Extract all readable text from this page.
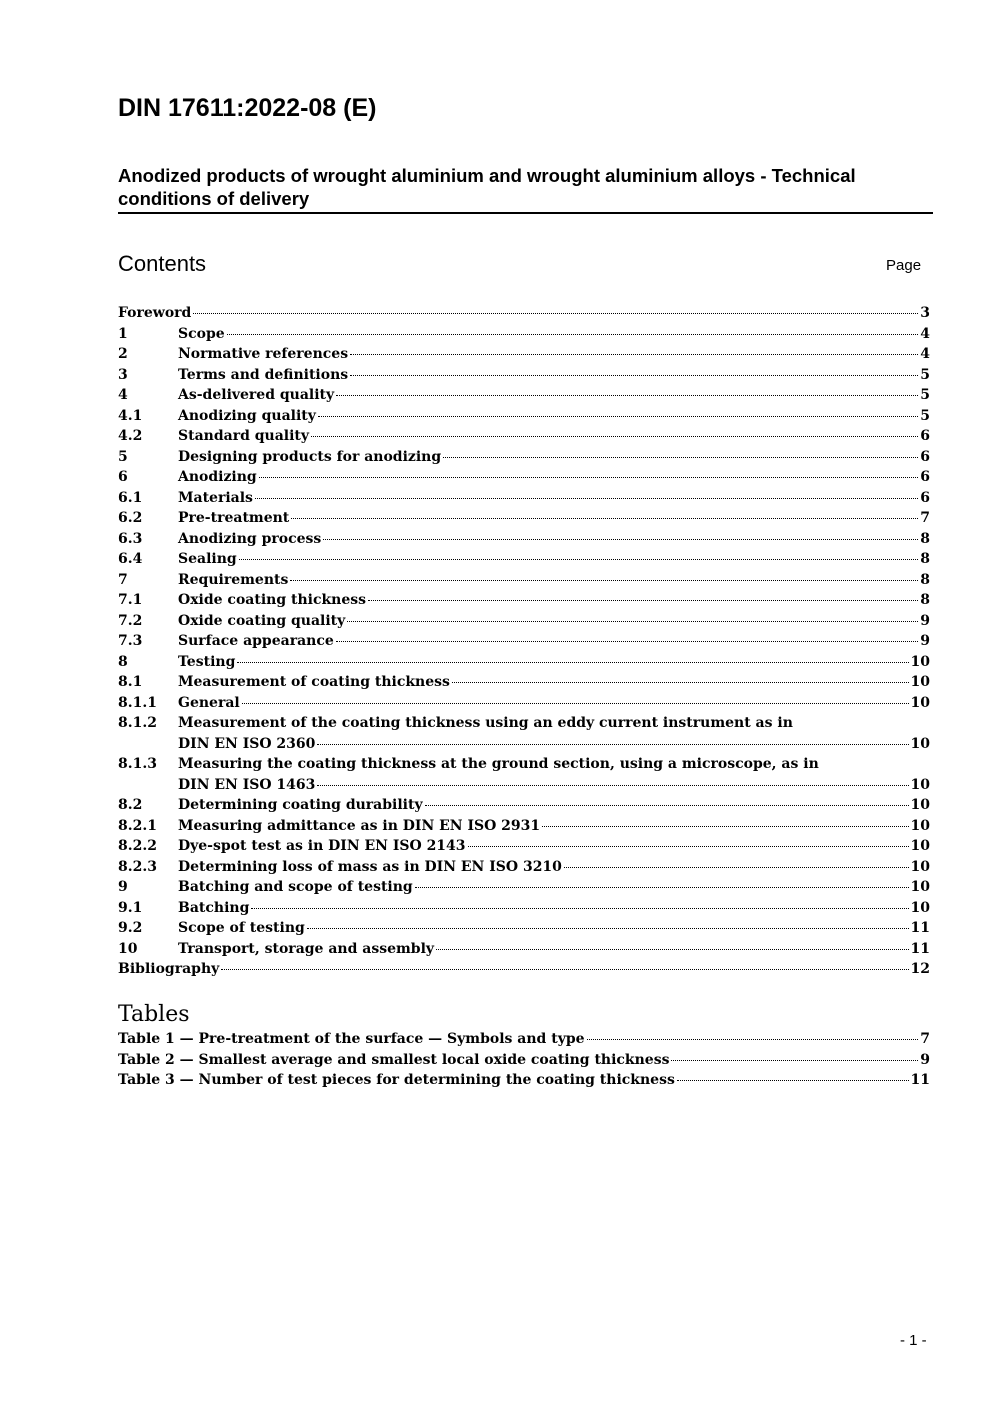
DIN 17611:2022-08 (E)
Anodized products of wrought aluminium and wrought aluminium alloys - Technical
conditions of delivery
Contents	Page
Foreword	3
1	Scope	4
2	Normative references	4
3	Terms and definitions	5
4	As-delivered quality	5
4.1	Anodizing quality	5
4.2	Standard quality	6
5	Designing products for anodizing	6
6	Anodizing	6
6.1	Materials	6
6.2	Pre-treatment	7
6.3	Anodizing process	8
6.4	Sealing	8
7	Requirements	8
7.1	Oxide coating thickness	8
7.2	Oxide coating quality	9
7.3	Surface appearance	9
8	Testing	10
8.1	Measurement of coating thickness	10
8.1.1	General	10
8.1.2	Measurement of the coating thickness using an eddy current instrument as in
DIN EN ISO 2360	10
8.1.3	Measuring the coating thickness at the ground section, using a microscope, as in
DIN EN ISO 1463	10
8.2	Determining coating durability	10
8.2.1	Measuring admittance as in DIN EN ISO 2931	10
8.2.2	Dye-spot test as in DIN EN ISO 2143	10
8.2.3	Determining loss of mass as in DIN EN ISO 3210	10
9	Batching and scope of testing	10
9.1	Batching	10
9.2	Scope of testing	11
10	Transport, storage and assembly	11
Bibliography	12
Tables
Table 1 — Pre-treatment of the surface — Symbols and type	7
Table 2 — Smallest average and smallest local oxide coating thickness	9
Table 3 — Number of test pieces for determining the coating thickness	11
- 1 -
